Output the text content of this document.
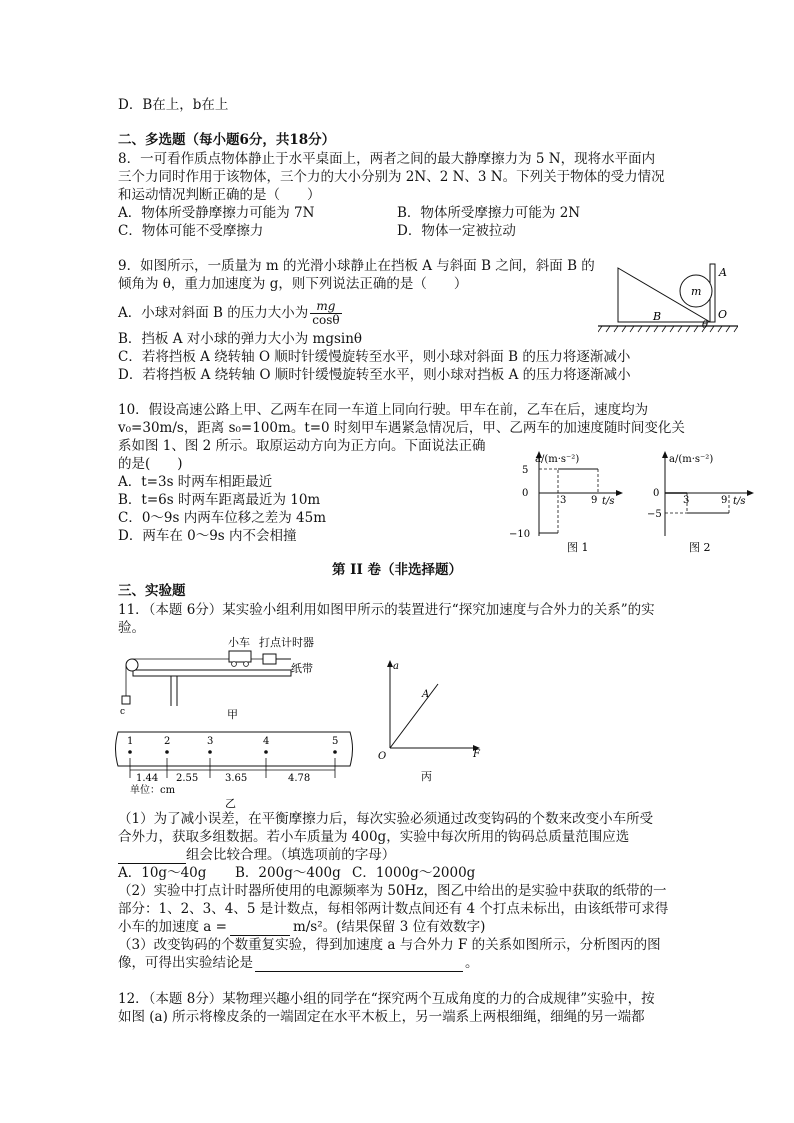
D．B在上，b在上
二、多选题（每小题6分，共18分）
8．一可看作质点物体静止于水平桌面上，两者之间的最大静摩擦力为 5 N，现将水平面内
三个力同时作用于该物体，三个力的大小分别为 2N、2 N、3 N。下列关于物体的受力情况
和运动情况判断正确的是（　　）
A．物体所受静摩擦力可能为 7N	B．物体所受摩擦力可能为 2N
C．物体可能不受摩擦力	D．物体一定被拉动
9．如图所示，一质量为 m 的光滑小球静止在挡板 A 与斜面 B 之间，斜面 B 的
倾角为 θ，重力加速度为 g，则下列说法正确的是（　　）
A．小球对斜面 B 的压力大小为 $\frac{mg}{\cos\theta}$
B．挡板 A 对小球的弹力大小为 mgsinθ
C．若将挡板 A 绕转轴 O 顺时针缓慢旋转至水平，则小球对斜面 B 的压力将逐渐减小
D．若将挡板 A 绕转轴 O 顺时针缓慢旋转至水平，则小球对挡板 A 的压力将逐渐减小
m
A
B	O
θ
10．假设高速公路上甲、乙两车在同一车道上同向行驶。甲车在前，乙车在后，速度均为
v₀=30m/s，距离 s₀=100m。t=0 时刻甲车遇紧急情况后，甲、乙两车的加速度随时间变化关
系如图 1、图 2 所示。取原运动方向为正方向。下面说法正确
的是(　　)
A．t=3s 时两车相距最近
B．t=6s 时两车距离最近为 10m
C．0～9s 内两车位移之差为 45m
D．两车在 0～9s 内不会相撞
a/(m·s⁻²)
5
0
−10
3 9 t/s
图 1
a/(m·s⁻²)
0
−5
3	9 t/s
图 2
第 II 卷（非选择题）
三、实验题
11．（本题 6分）某实验小组利用如图甲所示的装置进行“探究加速度与合外力的关系”的实
验。
小车 打点计时器
c
纸带
甲
1	2	3	4	5
1.44 2.55	3.65	4.78
单位：cm
乙
a
F
O
A
丙
（1）为了减小误差，在平衡摩擦力后，每次实验必须通过改变钩码的个数来改变小车所受
合外力，获取多组数据。若小车质量为 400g，实验中每次所用的钩码总质量范围应选
组会比较合理。（填选项前的字母）
A．10g～40g B．200g～400g C．1000g～2000g
（2）实验中打点计时器所使用的电源频率为 50Hz，图乙中给出的是实验中获取的纸带的一
部分：1、2、3、4、5 是计数点，每相邻两计数点间还有 4 个打点未标出，由该纸带可求得
小车的加速度 a =	m/s²。(结果保留 3 位有效数字)
（3）改变钩码的个数重复实验，得到加速度 a 与合外力 F 的关系如图所示，分析图丙的图
像，可得出实验结论是	。
12．（本题 8分）某物理兴趣小组的同学在“探究两个互成角度的力的合成规律”实验中，按
如图 (a) 所示将橡皮条的一端固定在水平木板上，另一端系上两根细绳，细绳的另一端都
